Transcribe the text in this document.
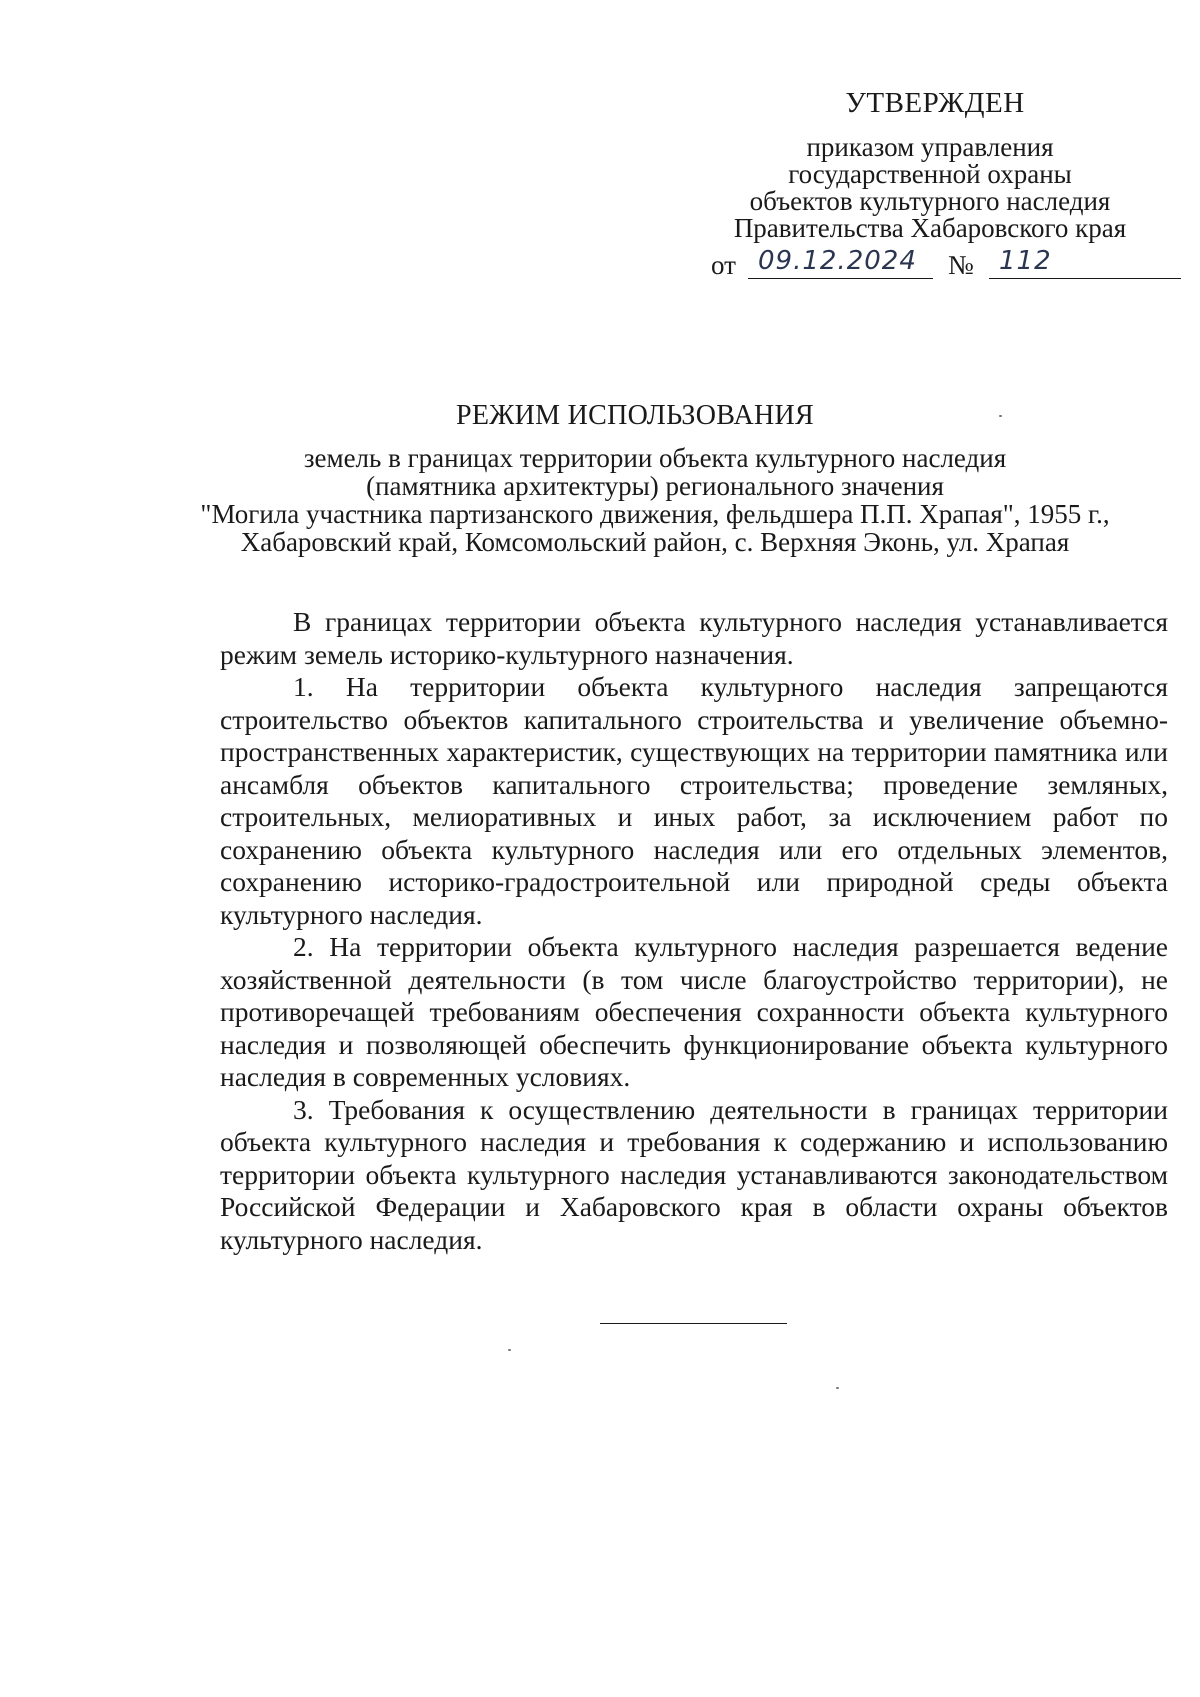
УТВЕРЖДЕН
приказом управления
государственной охраны
объектов культурного наследия
Правительства Хабаровского края
от 09.12.2024	№ 112
РЕЖИМ ИСПОЛЬЗОВАНИЯ
земель в границах территории объекта культурного наследия
(памятника архитектуры) регионального значения
"Могила участника партизанского движения, фельдшера П.П. Храпая", 1955 г.,
Хабаровский край, Комсомольский район, с. Верхняя Эконь, ул. Храпая

В границах территории объекта культурного наследия устанавливается режим земель историко-культурного назначения.

1. На территории объекта культурного наследия запрещаются строительство объектов капитального строительства и увеличение объемно-пространственных характеристик, существующих на территории памятника или ансамбля объектов капитального строительства; проведение земляных, строительных, мелиоративных и иных работ, за исключением работ по сохранению объекта культурного наследия или его отдельных элементов, сохранению историко-градостроительной или природной среды объекта культурного наследия.

2. На территории объекта культурного наследия разрешается ведение хозяйственной деятельности (в том числе благоустройство территории), не противоречащей требованиям обеспечения сохранности объекта культурного наследия и позволяющей обеспечить функционирование объекта культурного наследия в современных условиях.

3. Требования к осуществлению деятельности в границах территории объекта культурного наследия и требования к содержанию и использованию территории объекта культурного наследия устанавливаются законодательством Российской Федерации и Хабаровского края в области охраны объектов культурного наследия.
